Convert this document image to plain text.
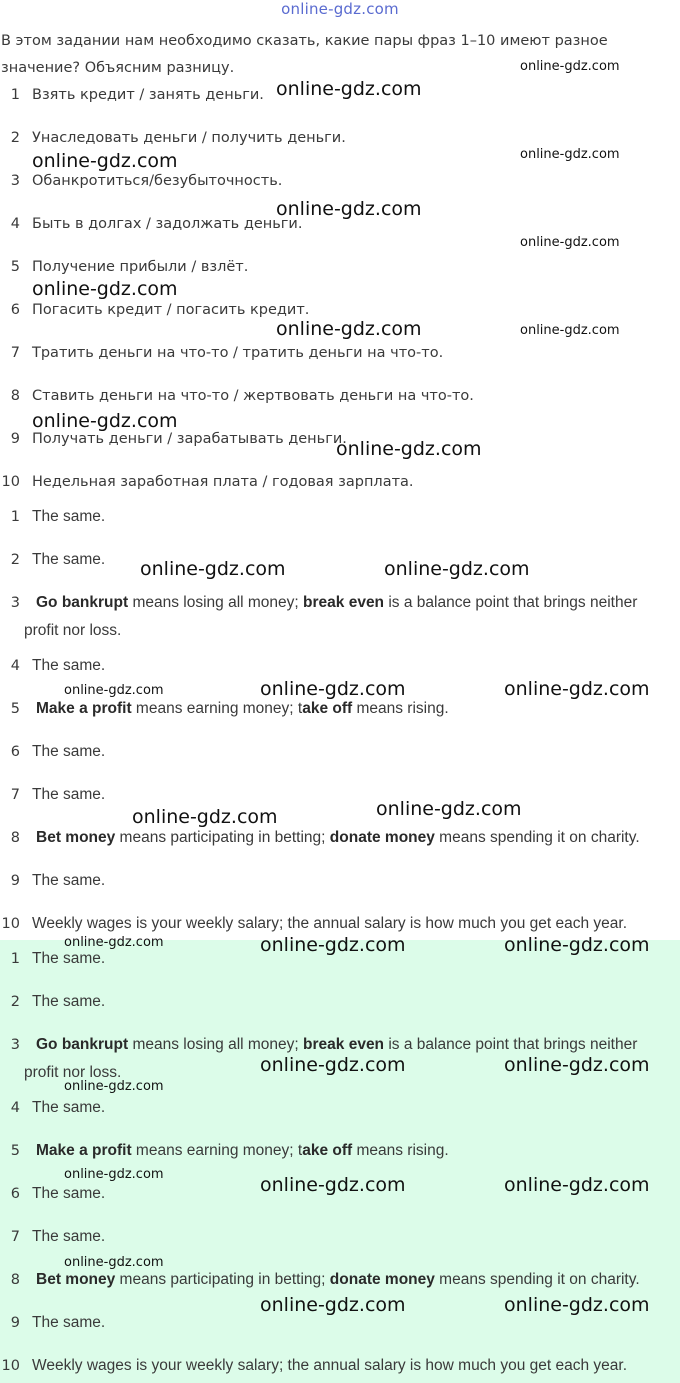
online-gdz.com
В этом задании нам необходимо сказать, какие пары фраз 1–10 имеют разное значение? Объясним разницу.
1 Взять кредит / занять деньги.
2 Унаследовать деньги / получить деньги.
3 Обанкротиться/безубыточность.
4 Быть в долгах / задолжать деньги.
5 Получение прибыли / взлёт.
6 Погасить кредит / погасить кредит.
7 Тратить деньги на что-то / тратить деньги на что-то.
8 Ставить деньги на что-то / жертвовать деньги на что-то.
9 Получать деньги / зарабатывать деньги.
10 Недельная заработная плата / годовая зарплата.
1 The same.
2 The same.
3 Go bankrupt means losing all money; break even is a balance point that brings neither
profit nor loss.
4 The same.
5 Make a profit means earning money; take off means rising.
6 The same.
7 The same.
8 Bet money means participating in betting; donate money means spending it on charity.
9 The same.
10 Weekly wages is your weekly salary; the annual salary is how much you get each year.
1 The same.
2 The same.
3 Go bankrupt means losing all money; break even is a balance point that brings neither
profit nor loss.
4 The same.
5 Make a profit means earning money; take off means rising.
6 The same.
7 The same.
8 Bet money means participating in betting; donate money means spending it on charity.
9 The same.
10 Weekly wages is your weekly salary; the annual salary is how much you get each year.
online-gdz.com
online-gdz.com
online-gdz.com
online-gdz.com
online-gdz.com
online-gdz.com
online-gdz.com
online-gdz.com	online-gdz.com
online-gdz.com
online-gdz.com
online-gdz.com	online-gdz.com
online-gdz.com	online-gdz.com	online-gdz.com
online-gdz.com	online-gdz.com
online-gdz.com	online-gdz.com	online-gdz.com
online-gdz.com	online-gdz.com
online-gdz.com
online-gdz.com	online-gdz.com	online-gdz.com
online-gdz.com
online-gdz.com	online-gdz.com
